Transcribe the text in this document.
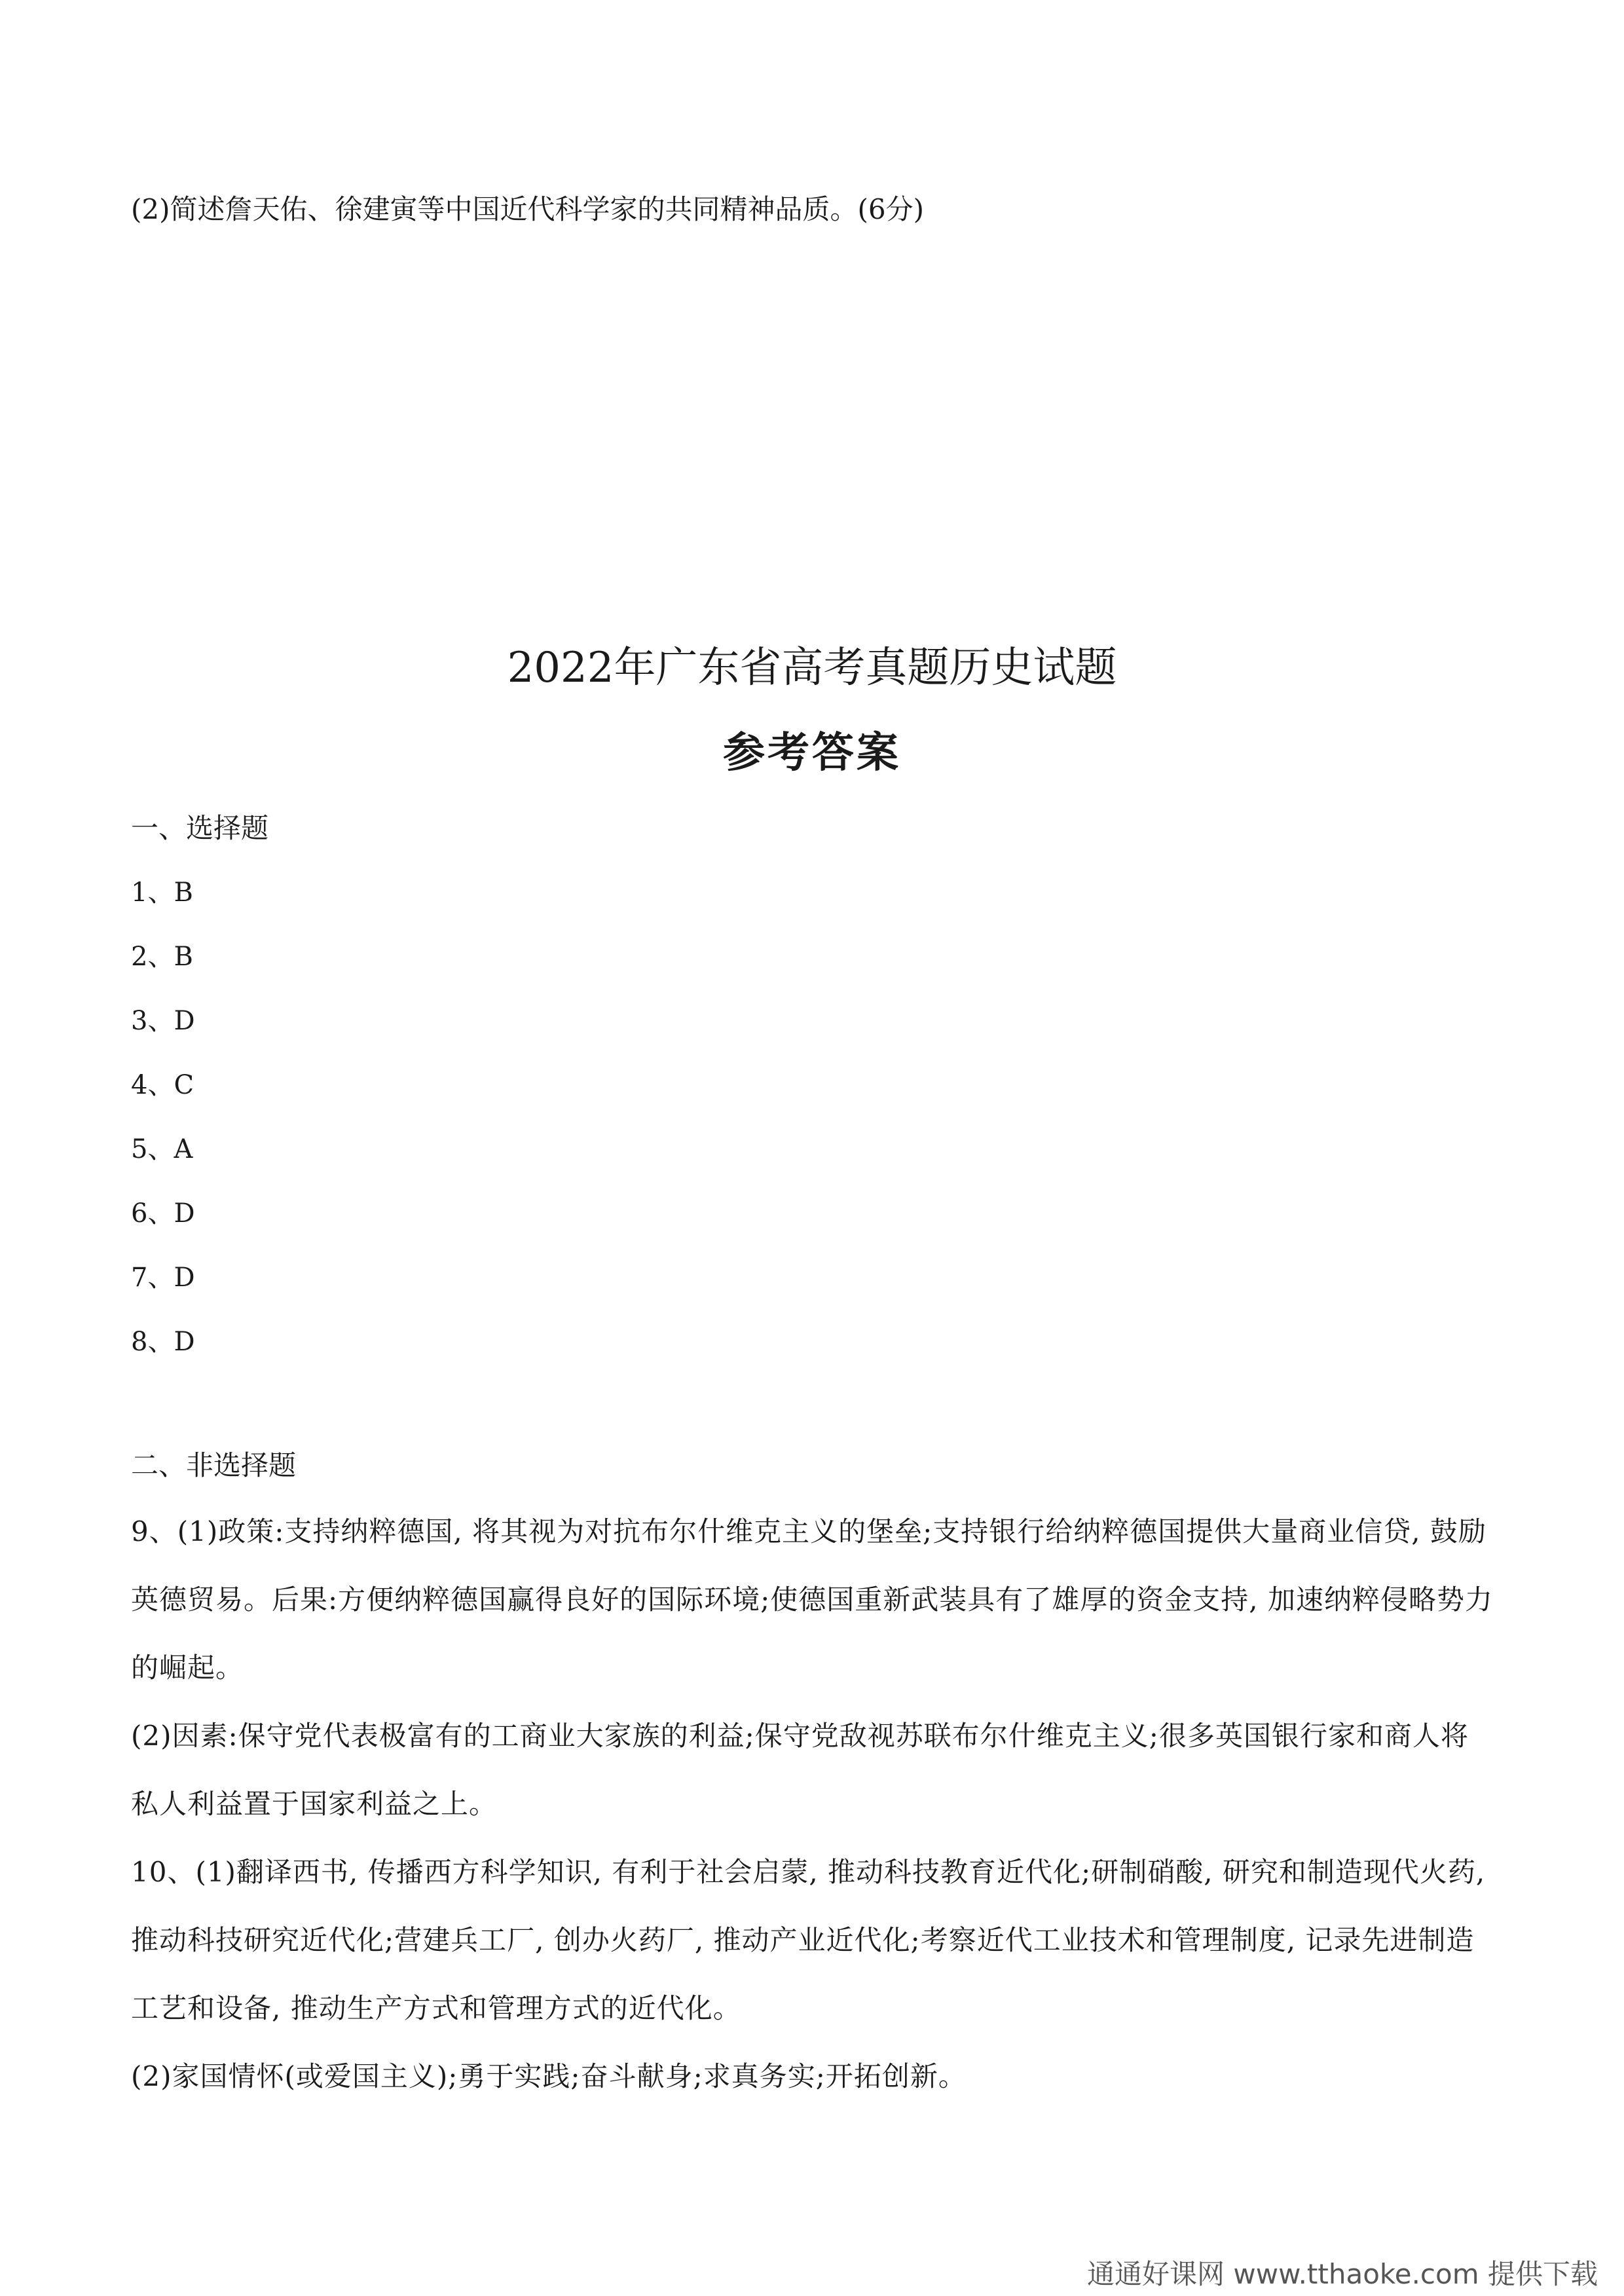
(2)简述詹天佑、徐建寅等中国近代科学家的共同精神品质。(6分)

2022年广东省高考真题历史试题
参考答案

一、选择题

1、B

2、B

3、D

4、C

5、A

6、D

7、D

8、D

二、非选择题

9、(1)政策:支持纳粹德国, 将其视为对抗布尔什维克主义的堡垒;支持银行给纳粹德国提供大量商业信贷, 鼓励英德贸易。后果:方便纳粹德国赢得良好的国际环境;使德国重新武装具有了雄厚的资金支持, 加速纳粹侵略势力的崛起。

(2)因素:保守党代表极富有的工商业大家族的利益;保守党敌视苏联布尔什维克主义;很多英国银行家和商人将私人利益置于国家利益之上。

10、(1)翻译西书, 传播西方科学知识, 有利于社会启蒙, 推动科技教育近代化;研制硝酸, 研究和制造现代火药, 推动科技研究近代化;营建兵工厂, 创办火药厂, 推动产业近代化;考察近代工业技术和管理制度, 记录先进制造工艺和设备, 推动生产方式和管理方式的近代化。

(2)家国情怀(或爱国主义);勇于实践;奋斗献身;求真务实;开拓创新。

通通好课网 www.tthaoke.com 提供下载
